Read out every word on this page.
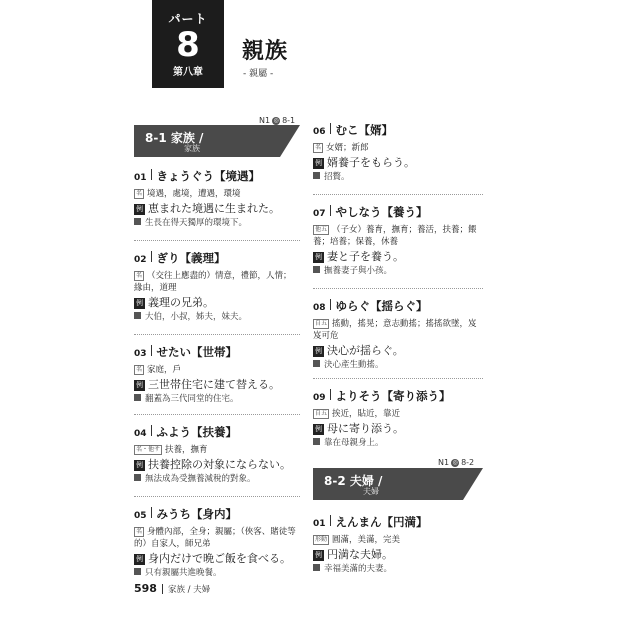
パート
8
第八章
親族
- 親屬 -
N1 ◎ 8-1
8-1 家族 /
家族
01 きょうぐう【境遇】
名 境遇，處境，遭遇，環境
例 恵まれた境遇に生まれた。
生長在得天獨厚的環境下。
02 ぎり【義理】
名 （交往上應盡的）情意，禮節，人情；緣由，道理
例 義理の兄弟。
大伯，小叔，姊夫，妹夫。
03 せたい【世帯】
名 家庭，戶
例 三世帯住宅に建て替える。
翻蓋為三代同堂的住宅。
04 ふよう【扶養】
名・他サ 扶養，撫育
例 扶養控除の対象にならない。
無法成為受撫養減稅的對象。
05 みうち【身内】
名 身體內部，全身；親屬；（俠客、賭徒等的）自家人，師兄弟
例 身内だけで晩ご飯を食べる。
只有親屬共進晚餐。
06 むこ【婿】
名 女婿；新郎
例 婿養子をもらう。
招贅。
07 やしなう【養う】
他五 （子女）養育，撫育；養活，扶養；餵養；培養；保養，休養
例 妻と子を養う。
撫養妻子與小孩。
08 ゆらぐ【揺らぐ】
自五 搖動，搖晃；意志動搖；搖搖欲墜，岌岌可危
例 決心が揺らぐ。
決心產生動搖。
09 よりそう【寄り添う】
自五 挨近，貼近，靠近
例 母に寄り添う。
靠在母親身上。
N1 ◎ 8-2
8-2 夫婦 /
夫婦
01 えんまん【円満】
形動 圓滿，美滿，完美
例 円満な夫婦。
幸福美滿的夫妻。
598 家族 / 夫婦
